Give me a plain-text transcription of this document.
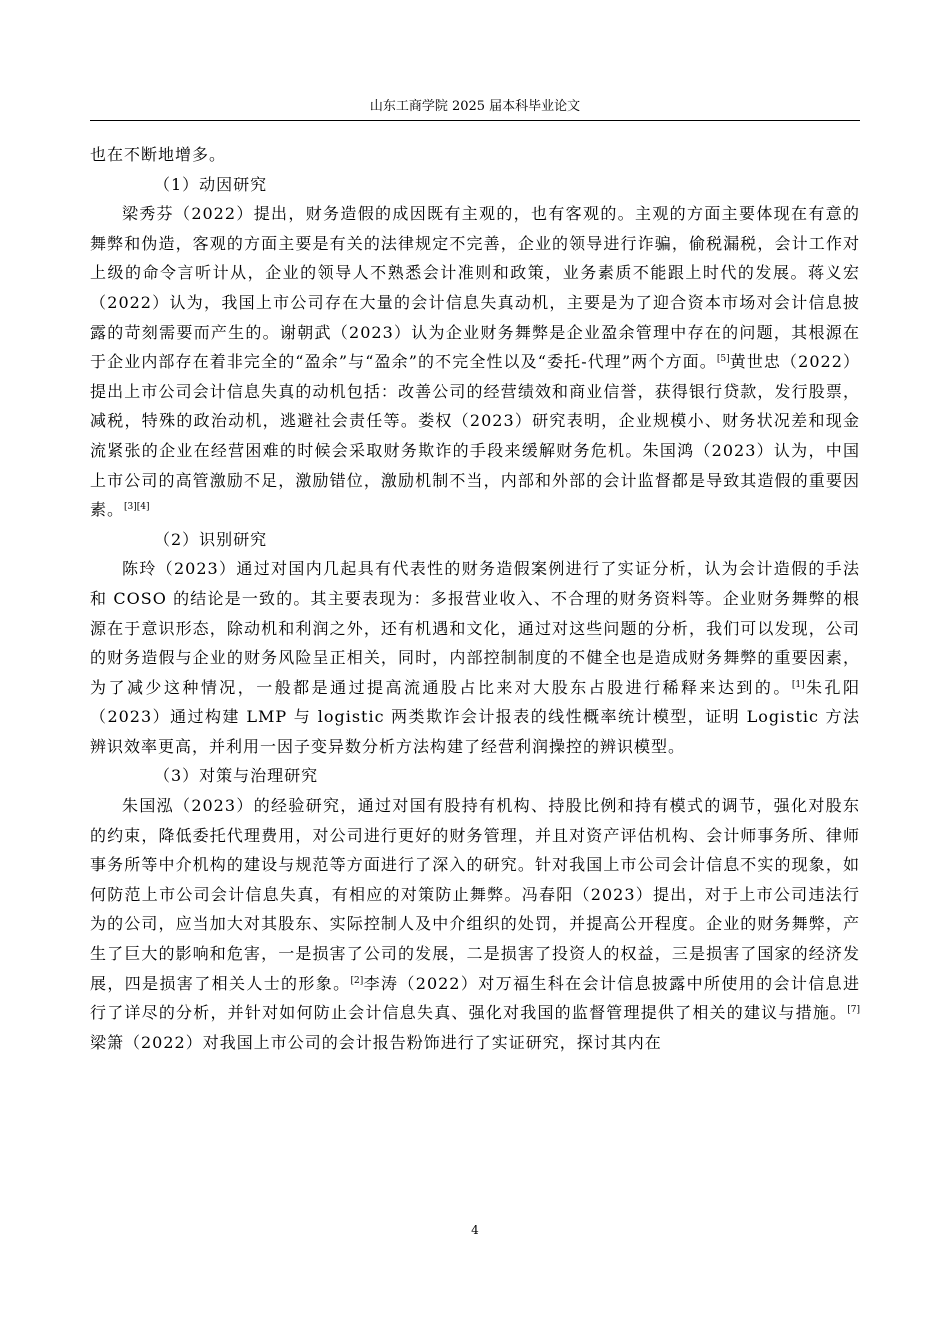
山东工商学院 2025 届本科毕业论文

也在不断地增多。

（1）动因研究

梁秀芬（2022）提出，财务造假的成因既有主观的，也有客观的。主观的方面主要体现在有意的舞弊和伪造，客观的方面主要是有关的法律规定不完善，企业的领导进行诈骗，偷税漏税，会计工作对上级的命令言听计从，企业的领导人不熟悉会计准则和政策，业务素质不能跟上时代的发展。蒋义宏（2022）认为，我国上市公司存在大量的会计信息失真动机，主要是为了迎合资本市场对会计信息披露的苛刻需要而产生的。谢朝武（2023）认为企业财务舞弊是企业盈余管理中存在的问题，其根源在于企业内部存在着非完全的“盈余”与“盈余”的不完全性以及“委托-代理”两个方面。[5]黄世忠（2022）提出上市公司会计信息失真的动机包括：改善公司的经营绩效和商业信誉，获得银行贷款，发行股票，减税，特殊的政治动机，逃避社会责任等。娄权（2023）研究表明，企业规模小、财务状况差和现金流紧张的企业在经营困难的时候会采取财务欺诈的手段来缓解财务危机。朱国鸿（2023）认为，中国上市公司的高管激励不足，激励错位，激励机制不当，内部和外部的会计监督都是导致其造假的重要因素。[3][4]

（2）识别研究

陈玲（2023）通过对国内几起具有代表性的财务造假案例进行了实证分析，认为会计造假的手法和 COSO 的结论是一致的。其主要表现为：多报营业收入、不合理的财务资料等。企业财务舞弊的根源在于意识形态，除动机和利润之外，还有机遇和文化，通过对这些问题的分析，我们可以发现，公司的财务造假与企业的财务风险呈正相关，同时，内部控制制度的不健全也是造成财务舞弊的重要因素，为了减少这种情况，一般都是通过提高流通股占比来对大股东占股进行稀释来达到的。[1]朱孔阳（2023）通过构建 LMP 与 logistic 两类欺诈会计报表的线性概率统计模型，证明 Logistic 方法辨识效率更高，并利用一因子变异数分析方法构建了经营利润操控的辨识模型。

（3）对策与治理研究

朱国泓（2023）的经验研究，通过对国有股持有机构、持股比例和持有模式的调节，强化对股东的约束，降低委托代理费用，对公司进行更好的财务管理，并且对资产评估机构、会计师事务所、律师事务所等中介机构的建设与规范等方面进行了深入的研究。针对我国上市公司会计信息不实的现象，如何防范上市公司会计信息失真，有相应的对策防止舞弊。冯春阳（2023）提出，对于上市公司违法行为的公司，应当加大对其股东、实际控制人及中介组织的处罚，并提高公开程度。企业的财务舞弊，产生了巨大的影响和危害，一是损害了公司的发展，二是损害了投资人的权益，三是损害了国家的经济发展，四是损害了相关人士的形象。[2]李涛（2022）对万福生科在会计信息披露中所使用的会计信息进行了详尽的分析，并针对如何防止会计信息失真、强化对我国的监督管理提供了相关的建议与措施。[7]梁箫（2022）对我国上市公司的会计报告粉饰进行了实证研究，探讨其内在

4
